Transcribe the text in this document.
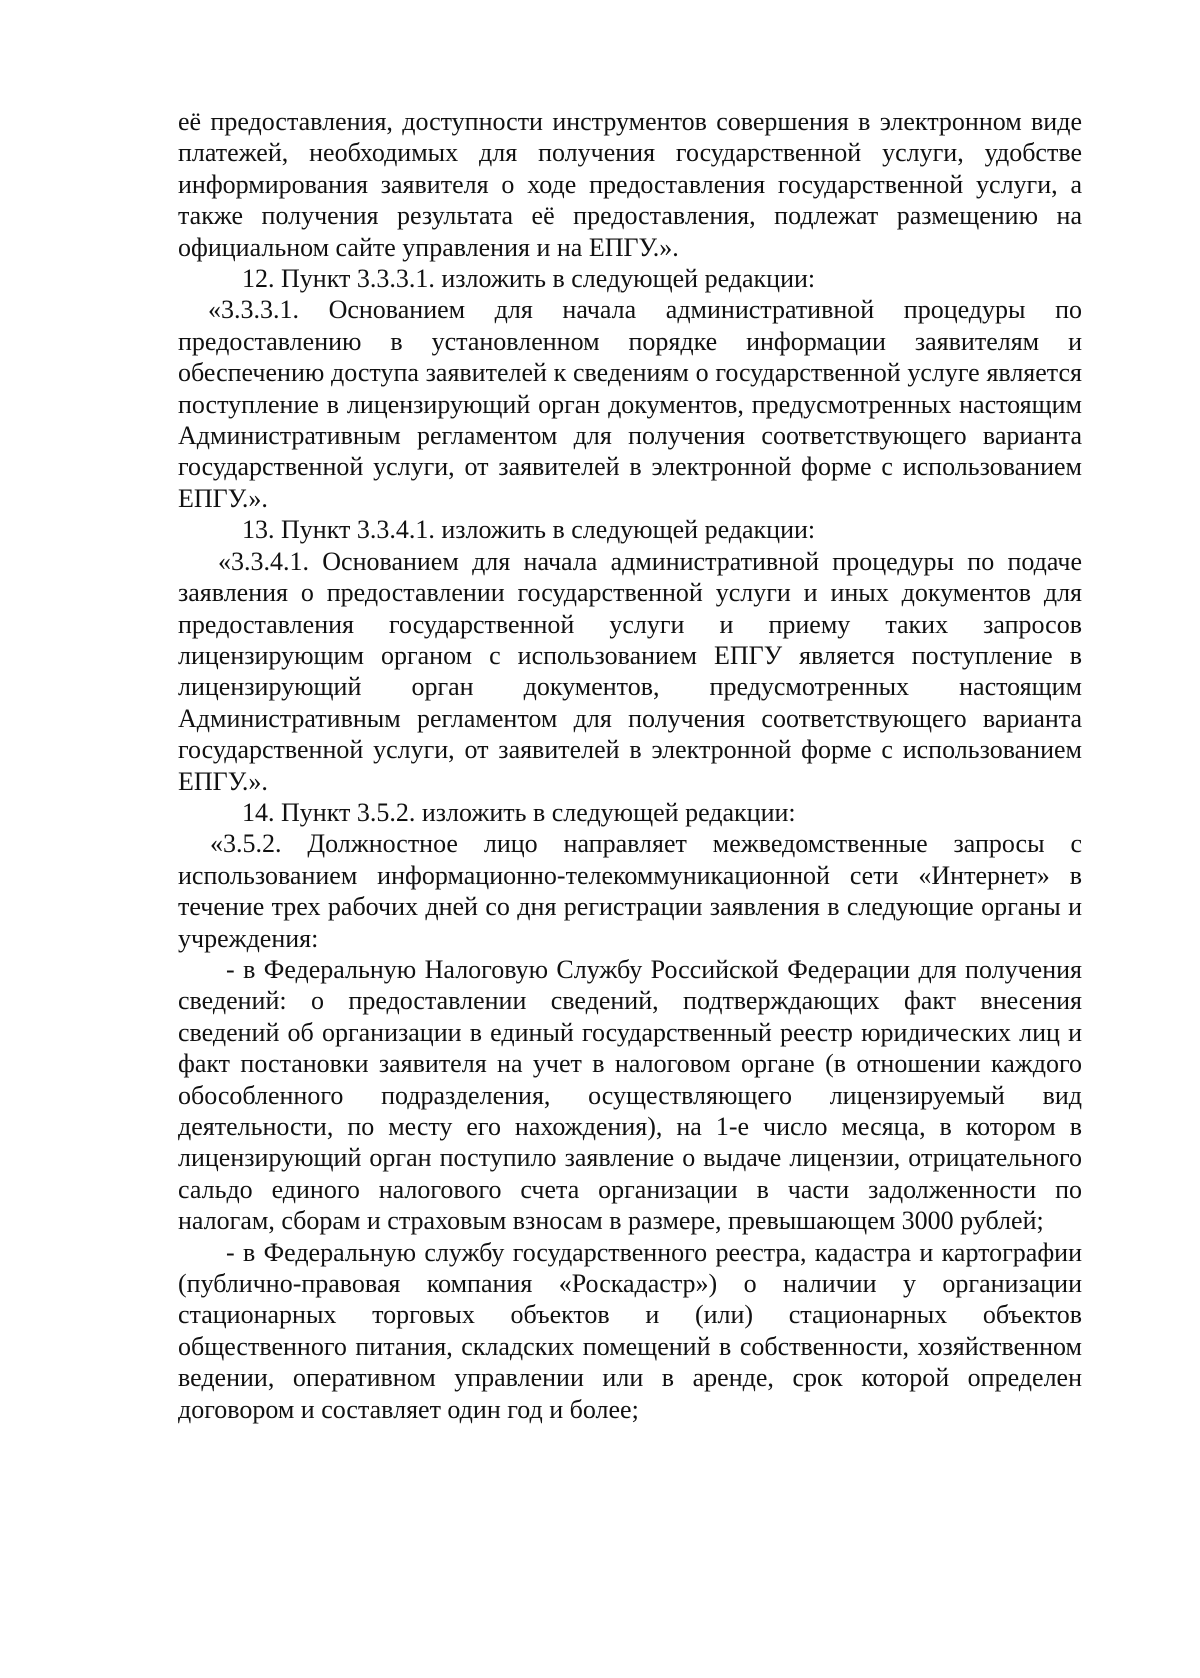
её предоставления, доступности инструментов совершения в электронном виде платежей, необходимых для получения государственной услуги, удобстве информирования заявителя о ходе предоставления государственной услуги, а также получения результата её предоставления, подлежат размещению на официальном сайте управления и на ЕПГУ.».

12. Пункт 3.3.3.1. изложить в следующей редакции:

«3.3.3.1. Основанием для начала административной процедуры по предоставлению в установленном порядке информации заявителям и обеспечению доступа заявителей к сведениям о государственной услуге является поступление в лицензирующий орган документов, предусмотренных настоящим Административным регламентом для получения соответствующего варианта государственной услуги, от заявителей в электронной форме с использованием ЕПГУ.».

13. Пункт 3.3.4.1. изложить в следующей редакции:

«3.3.4.1. Основанием для начала административной процедуры по подаче заявления о предоставлении государственной услуги и иных документов для предоставления государственной услуги и приему таких запросов лицензирующим органом с использованием ЕПГУ является поступление в лицензирующий орган документов, предусмотренных настоящим Административным регламентом для получения соответствующего варианта государственной услуги, от заявителей в электронной форме с использованием ЕПГУ.».

14. Пункт 3.5.2. изложить в следующей редакции:

«3.5.2. Должностное лицо направляет межведомственные запросы с использованием информационно-телекоммуникационной сети «Интернет» в течение трех рабочих дней со дня регистрации заявления в следующие органы и учреждения:

- в Федеральную Налоговую Службу Российской Федерации для получения сведений: о предоставлении сведений, подтверждающих факт внесения сведений об организации в единый государственный реестр юридических лиц и факт постановки заявителя на учет в налоговом органе (в отношении каждого обособленного подразделения, осуществляющего лицензируемый вид деятельности, по месту его нахождения), на 1-е число месяца, в котором в лицензирующий орган поступило заявление о выдаче лицензии, отрицательного сальдо единого налогового счета организации в части задолженности по налогам, сборам и страховым взносам в размере, превышающем 3000 рублей;

- в Федеральную службу государственного реестра, кадастра и картографии (публично-правовая компания «Роскадастр») о наличии у организации стационарных торговых объектов и (или) стационарных объектов общественного питания, складских помещений в собственности, хозяйственном ведении, оперативном управлении или в аренде, срок которой определен договором и составляет один год и более;
